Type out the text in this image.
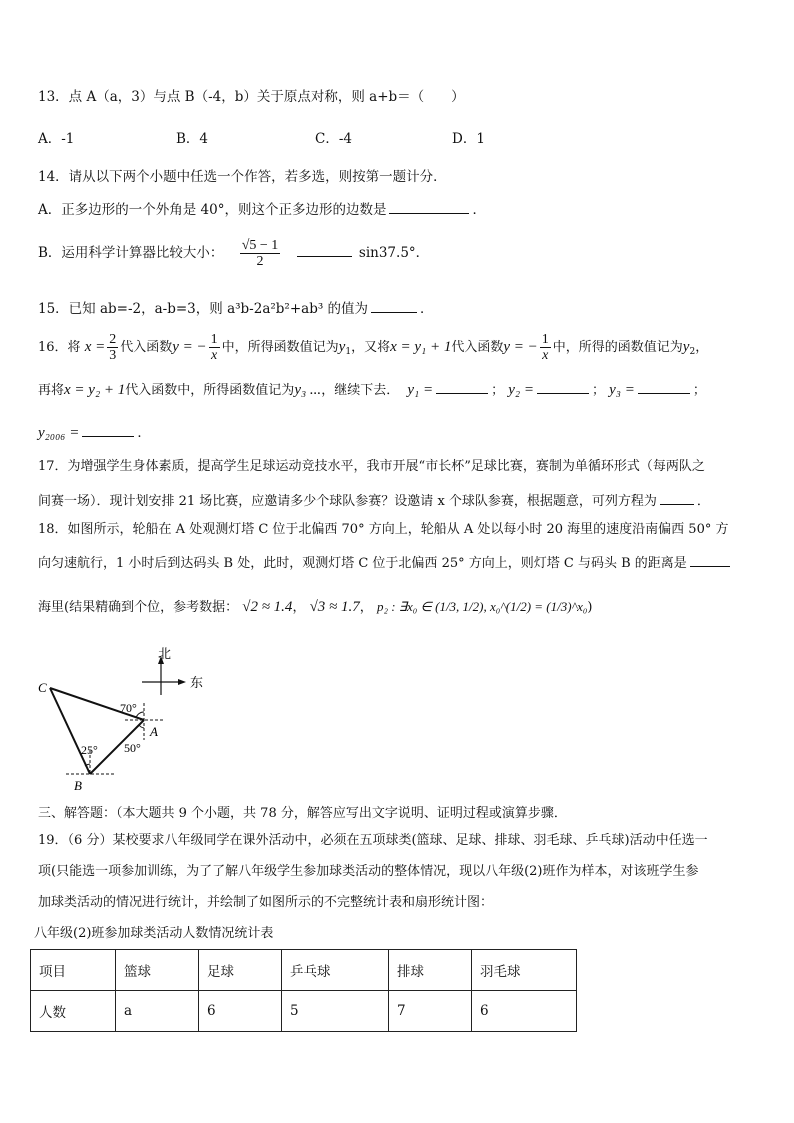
13．点 A（a，3）与点 B（-4，b）关于原点对称，则 a+b＝（　　）
A．-1	B．4	C．-4	D．1
14．请从以下两个小题中任选一个作答，若多选，则按第一题计分．
A．正多边形的一个外角是 40°，则这个正多边形的边数是	．
B．运用科学计算器比较大小： $\frac{√5 - 1}{2}$	sin37.5°．
15．已知 ab=-2，a-b=3，则 a³b-2a²b²+ab³ 的值为	．
16．将 $x = \frac{2}{3}$ 代入函数y = − $\frac{1}{x}$ 中，所得函数值记为$y_1$，又将x = y₁ + 1代入函数y = − $\frac{1}{x}$ 中，所得的函数值记为$y_2$，
再将x = y₂ + 1代入函数中，所得函数值记为y₃ ...，继续下去． y₁ =	； y₂ =	； y₃ =	；
y₂₀₀₆ =	．
17．为增强学生身体素质，提高学生足球运动竞技水平，我市开展“市长杯”足球比赛，赛制为单循环形式（每两队之
间赛一场）．现计划安排 21 场比赛，应邀请多少个球队参赛？设邀请 x 个球队参赛，根据题意，可列方程为	．
18．如图所示，轮船在 A 处观测灯塔 C 位于北偏西 70° 方向上，轮船从 A 处以每小时 20 海里的速度沿南偏西 50° 方
向匀速航行，1 小时后到达码头 B 处，此时，观测灯塔 C 位于北偏西 25° 方向上，则灯塔 C 与码头 B 的距离是
海里(结果精确到个位，参考数据： √2 ≈ 1.4， √3 ≈ 1.7， p₂ : ∃x₀ ∈ (1/3, 1/2), x₀^(1/2) = (1/3)^x₀)
北
东
C
A
B
70°
50°
25°
三、解答题：（本大题共 9 个小题，共 78 分，解答应写出文字说明、证明过程或演算步骤．
19．（6 分）某校要求八年级同学在课外活动中，必须在五项球类(篮球、足球、排球、羽毛球、乒乓球)活动中任选一
项(只能选一项参加训练，为了了解八年级学生参加球类活动的整体情况，现以八年级(2)班作为样本，对该班学生参
加球类活动的情况进行统计，并绘制了如图所示的不完整统计表和扇形统计图：
八年级(2)班参加球类活动人数情况统计表
项目	篮球	足球	乒乓球	排球	羽毛球
人数	a	6	5	7	6
